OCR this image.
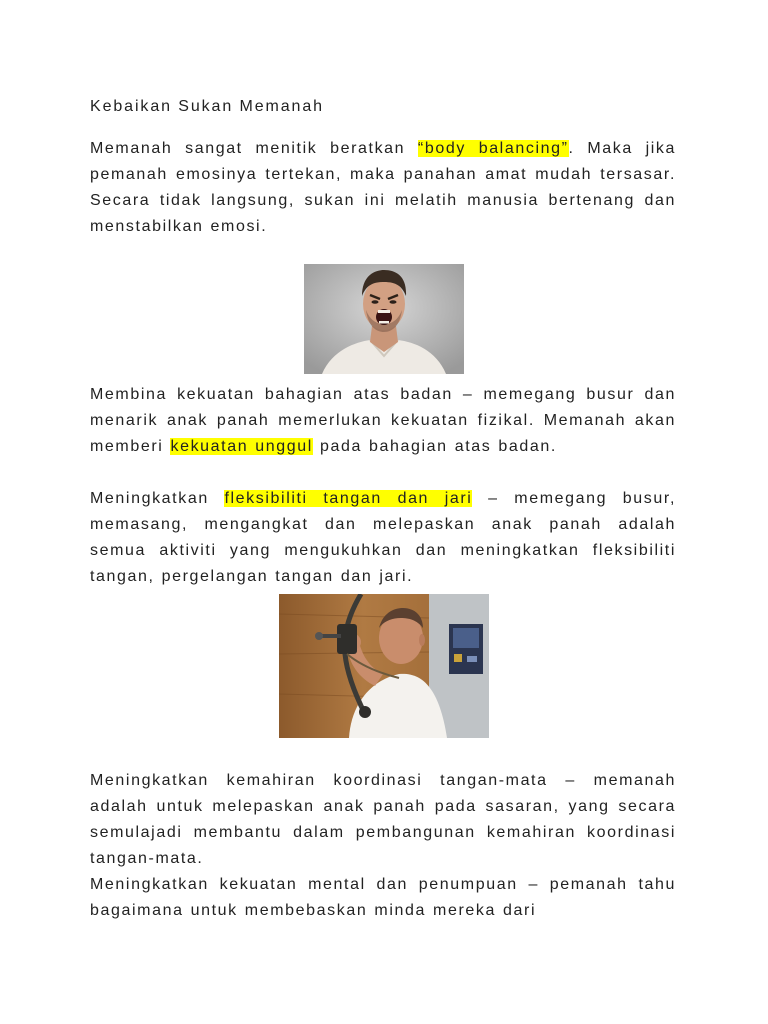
Kebaikan Sukan Memanah

Memanah sangat menitik beratkan “body balancing”. Maka jika pemanah emosinya tertekan, maka panahan amat mudah tersasar. Secara tidak langsung, sukan ini melatih manusia bertenang dan menstabilkan emosi.

Membina kekuatan bahagian atas badan – memegang busur dan menarik anak panah memerlukan kekuatan fizikal. Memanah akan memberi kekuatan unggul pada bahagian atas badan.

Meningkatkan fleksibiliti tangan dan jari – memegang busur, memasang, mengangkat dan melepaskan anak panah adalah semua aktiviti yang mengukuhkan dan meningkatkan fleksibiliti tangan, pergelangan tangan dan jari.

Meningkatkan kemahiran koordinasi tangan-mata – memanah adalah untuk melepaskan anak panah pada sasaran, yang secara semulajadi membantu dalam pembangunan kemahiran koordinasi tangan-mata.

Meningkatkan kekuatan mental dan penumpuan – pemanah tahu bagaimana untuk membebaskan minda mereka dari
